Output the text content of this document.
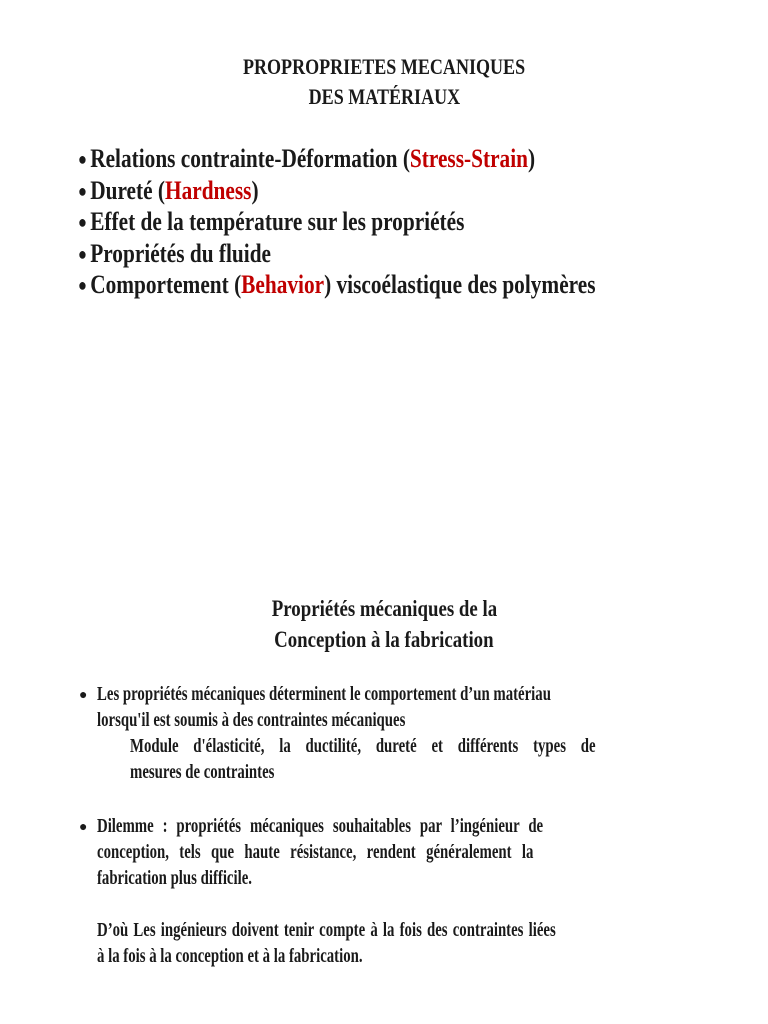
PROPROPRIETES MECANIQUES
DES MATÉRIAUX
● Relations contrainte-Déformation (Stress-Strain)
● Dureté (Hardness)
● Effet de la température sur les propriétés
● Propriétés du fluide
● Comportement (Behavior) viscoélastique des polymères
Propriétés mécaniques de la
Conception à la fabrication
● Les propriétés mécaniques déterminent le comportement d’un matériau
lorsqu'il est soumis à des contraintes mécaniques
Module d'élasticité, la ductilité, dureté et différents types de
mesures de contraintes
● Dilemme : propriétés mécaniques souhaitables par l’ingénieur de
conception, tels que haute résistance, rendent généralement la
fabrication plus difficile.
D’où Les ingénieurs doivent tenir compte à la fois des contraintes liées
à la fois à la conception et à la fabrication.
